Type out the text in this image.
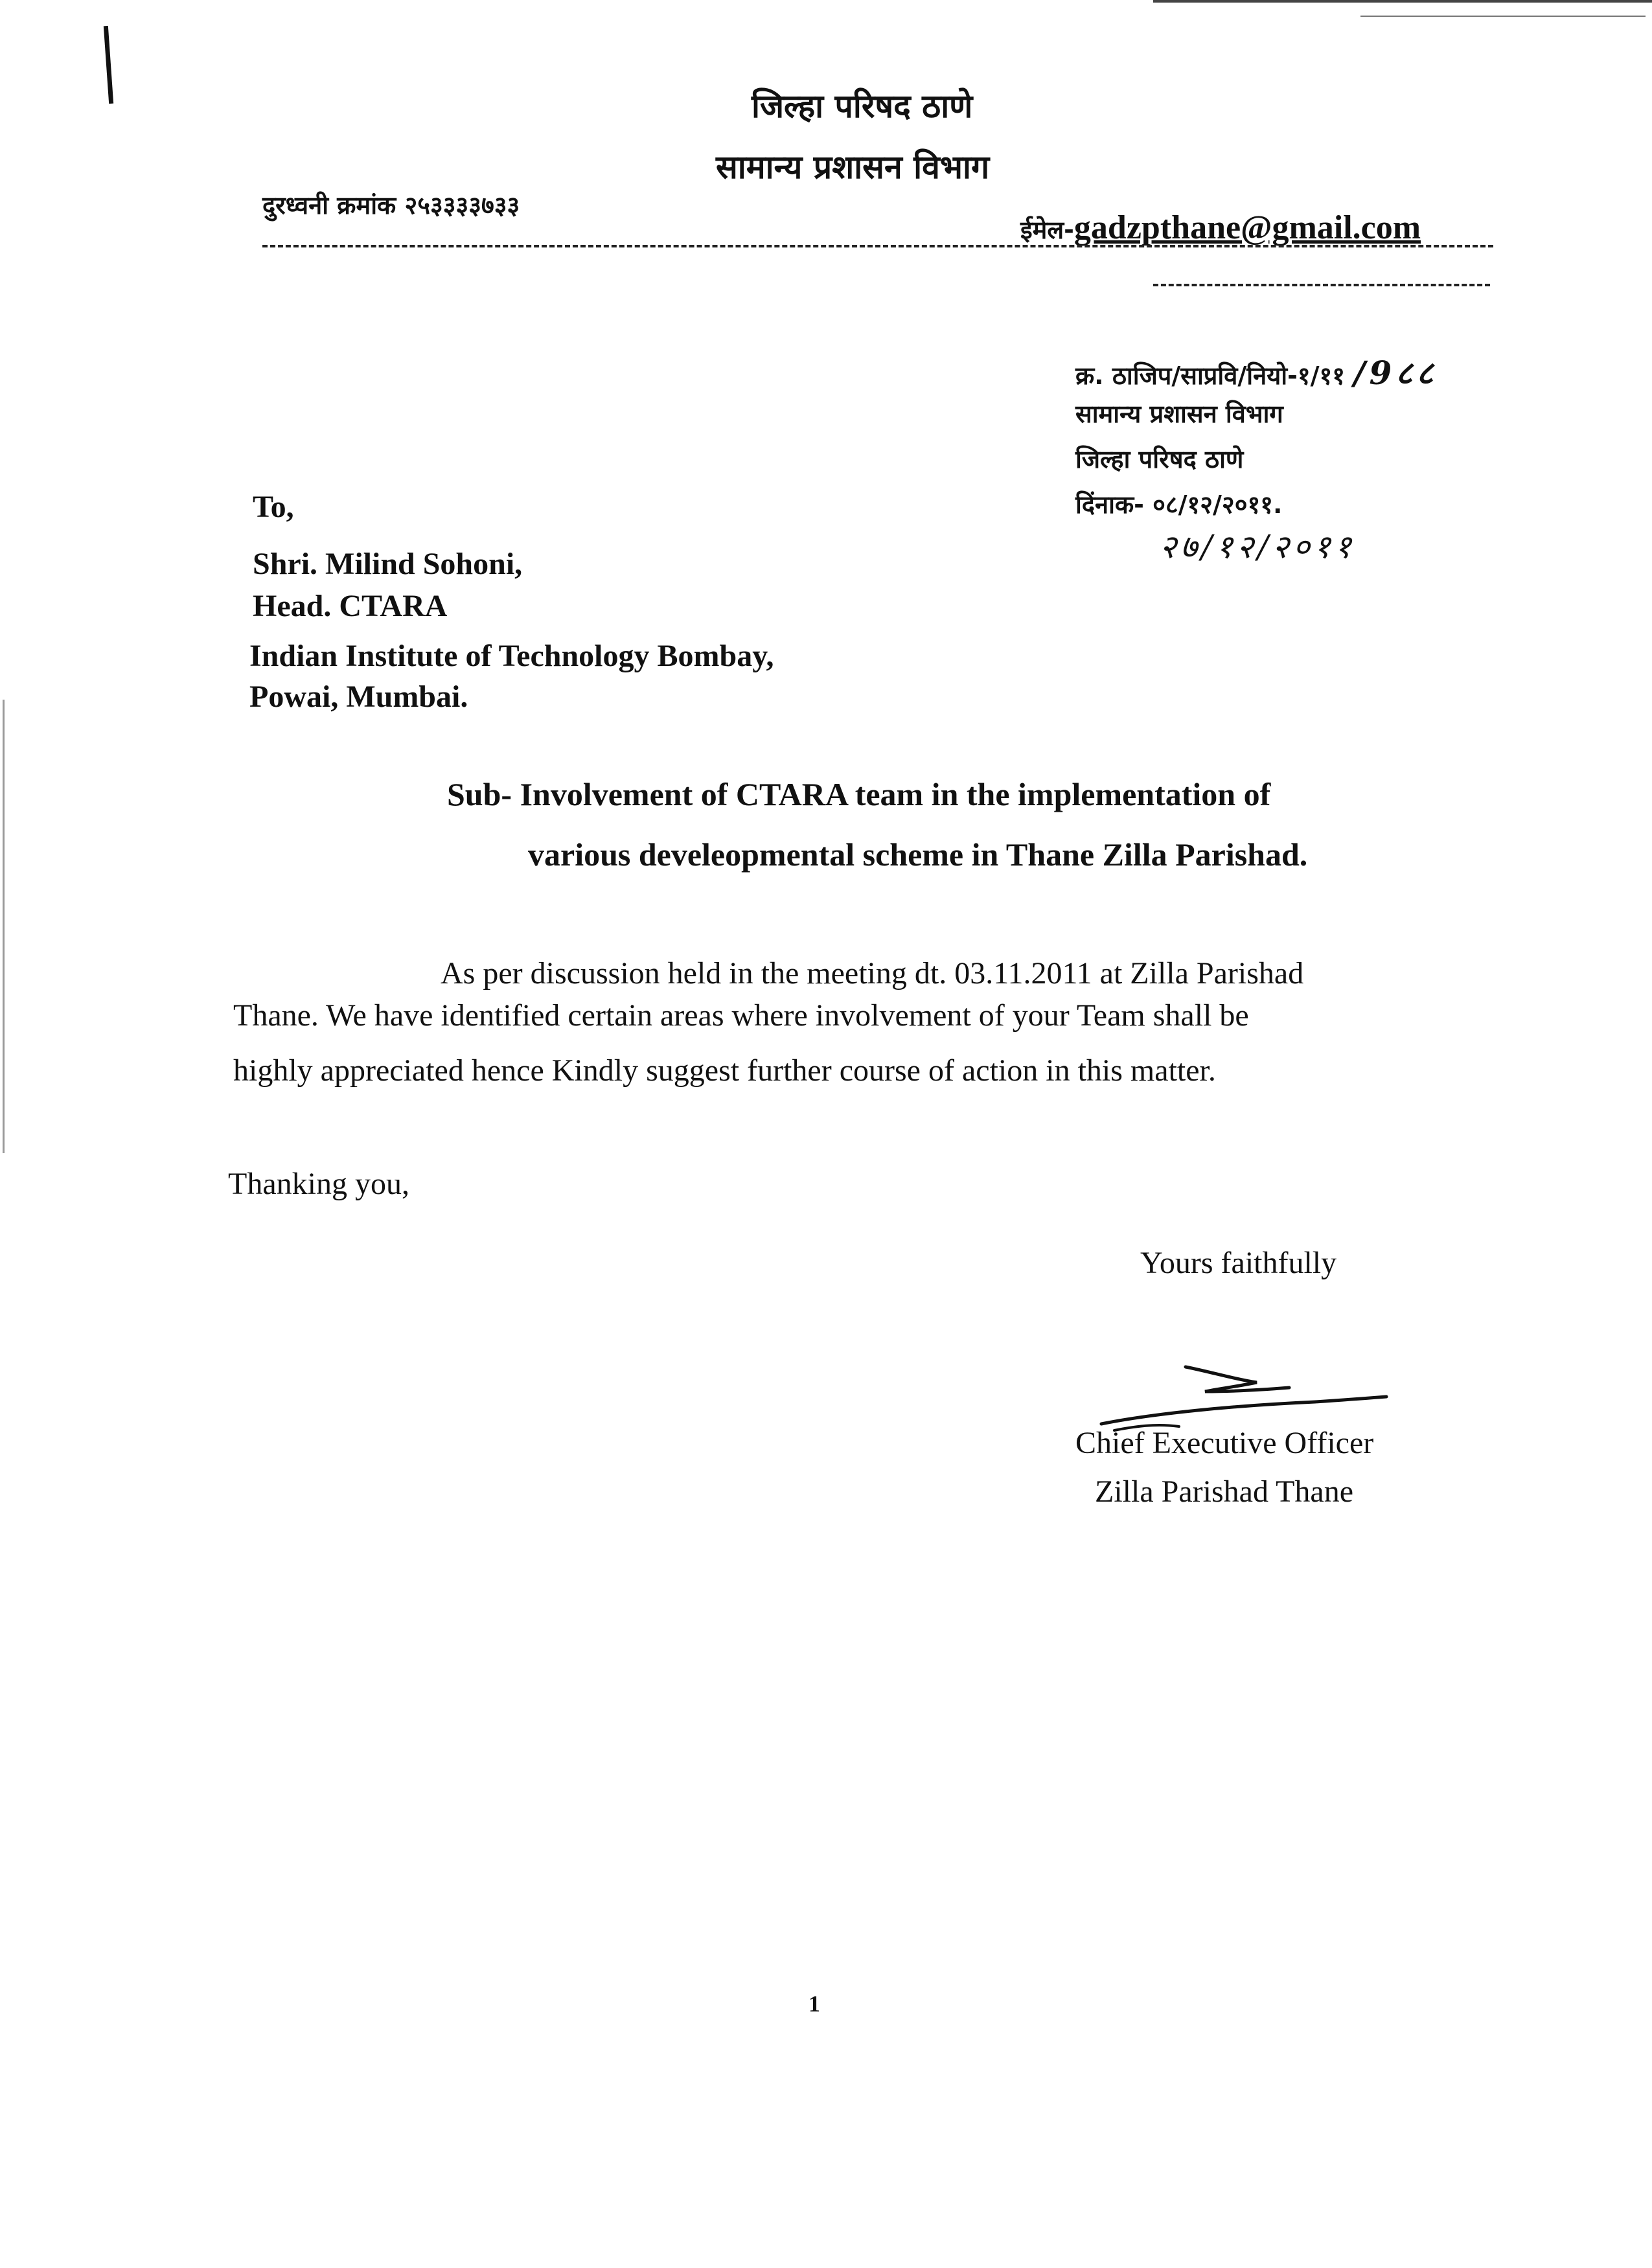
जिल्हा परिषद ठाणे
सामान्य प्रशासन विभाग
दुरध्वनी क्रमांक २५३३३३७३३
ईमेल-gadzpthane@gmail.com
क्र. ठाजिप/साप्रवि/नियो-१/११ /9८८
सामान्य प्रशासन विभाग
जिल्हा परिषद ठाणे
दिंनाक- ०८/१२/२०११.
२७/१२/२०११
To,
Shri. Milind Sohoni,
Head. CTARA
Indian Institute of Technology Bombay,
Powai, Mumbai.
Sub- Involvement of CTARA team in the implementation of
various develeopmental scheme in Thane Zilla Parishad.
As per discussion held in the meeting dt. 03.11.2011 at Zilla Parishad
Thane. We have identified certain areas where involvement of your Team shall be
highly appreciated hence Kindly suggest further course of action in this matter.
Thanking you,
Yours faithfully
Chief Executive Officer
Zilla Parishad Thane
1
